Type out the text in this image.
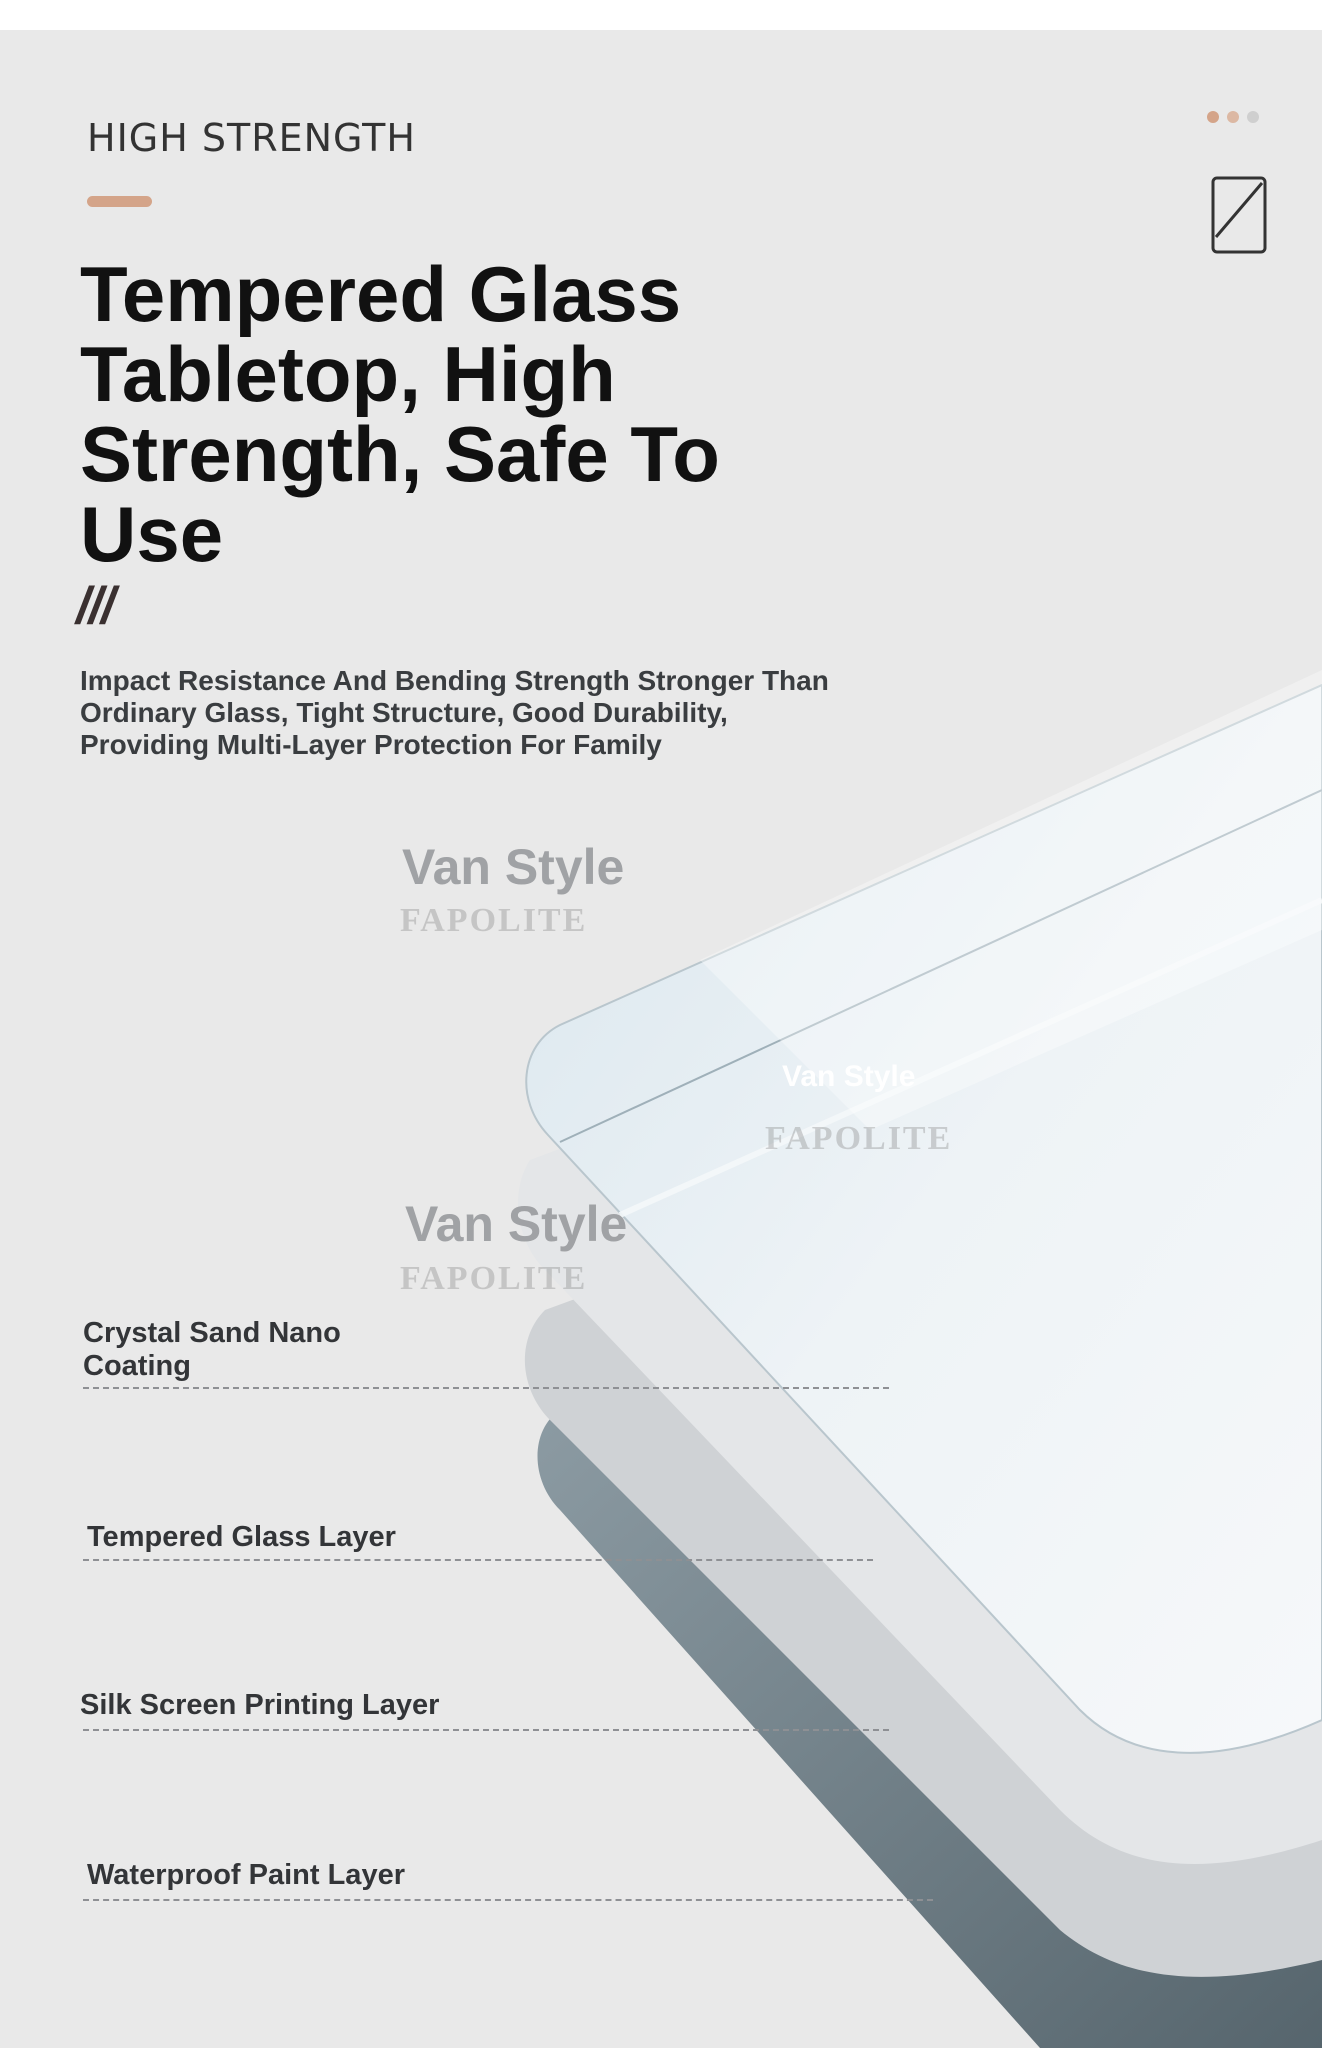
HIGH STRENGTH
Tempered Glass Tabletop, High Strength, Safe To Use
///

Impact Resistance And Bending Strength Stronger Than Ordinary Glass, Tight Structure, Good Durability, Providing Multi-Layer Protection For Family

Van Style
FAPOLITE
Van Style
FAPOLITE
Van Style
FAPOLITE
Crystal Sand Nano Coating
Tempered Glass Layer
Silk Screen Printing Layer
Waterproof Paint Layer
